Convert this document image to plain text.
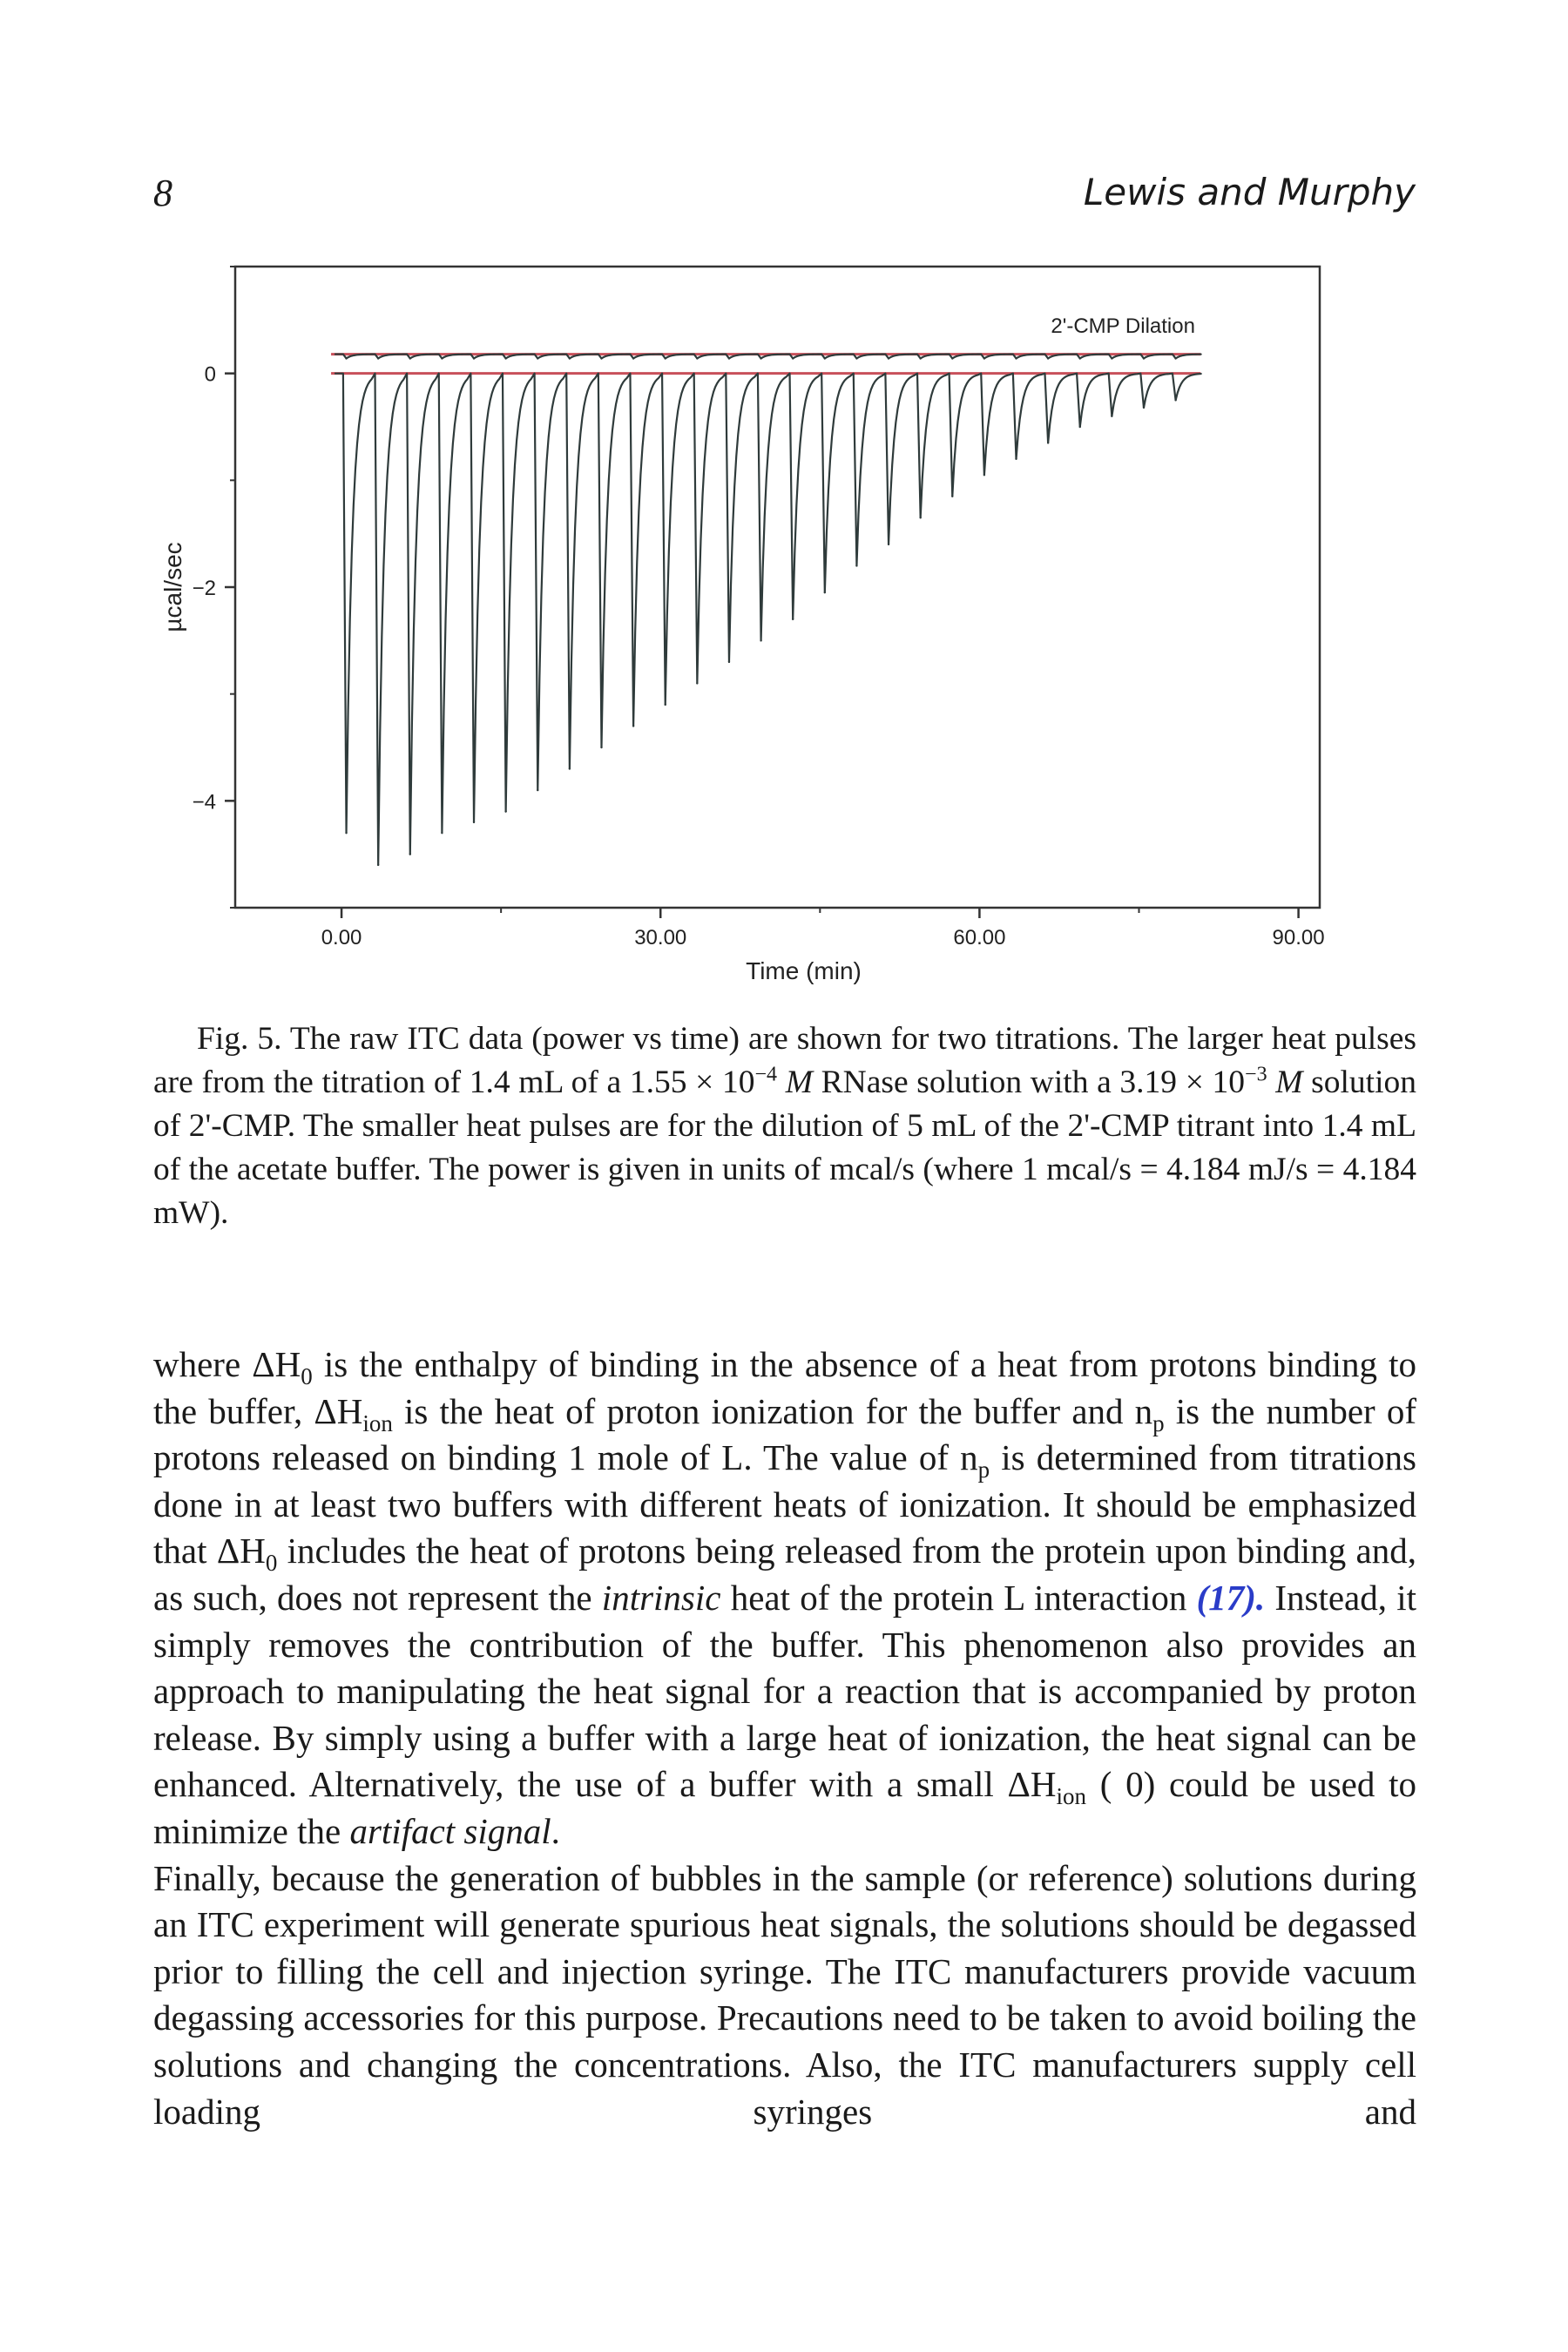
8	Lewis and Murphy
0
−2
−4
0.00	30.00	60.00	90.00
Time (min)
µcal/sec
2'-CMP Dilation
Fig. 5. The raw ITC data (power vs time) are shown for two titrations. The larger heat pulses are from the titration of 1.4 mL of a $1.55 \times 10^{-4}$ M RNase solution with a $3.19 \times 10^{-3}$ M solution of 2'-CMP. The smaller heat pulses are for the dilution of 5 mL of the 2'-CMP titrant into 1.4 mL of the acetate buffer. The power is given in units of mcal/s (where 1 mcal/s = 4.184 mJ/s = 4.184 mW).

where $\Delta H_0$ is the enthalpy of binding in the absence of a heat from protons binding to the buffer, $\Delta H_{ion}$ is the heat of proton ionization for the buffer and $n_p$ is the number of protons released on binding 1 mole of L. The value of $n_p$ is determined from titrations done in at least two buffers with different heats of ionization. It should be emphasized that $\Delta H_0$ includes the heat of protons being released from the protein upon binding and, as such, does not represent the intrinsic heat of the protein L interaction (17). Instead, it simply removes the contribution of the buffer. This phenomenon also provides an approach to manipulating the heat signal for a reaction that is accompanied by proton release. By simply using a buffer with a large heat of ionization, the heat signal can be enhanced. Alternatively, the use of a buffer with a small $\Delta H_{ion}$ ( 0) could be used to minimize the artifact signal.

Finally, because the generation of bubbles in the sample (or reference) solutions during an ITC experiment will generate spurious heat signals, the solutions should be degassed prior to filling the cell and injection syringe. The ITC manufacturers provide vacuum degassing accessories for this purpose. Precautions need to be taken to avoid boiling the solutions and changing the concentrations. Also, the ITC manufacturers supply cell loading syringes and
